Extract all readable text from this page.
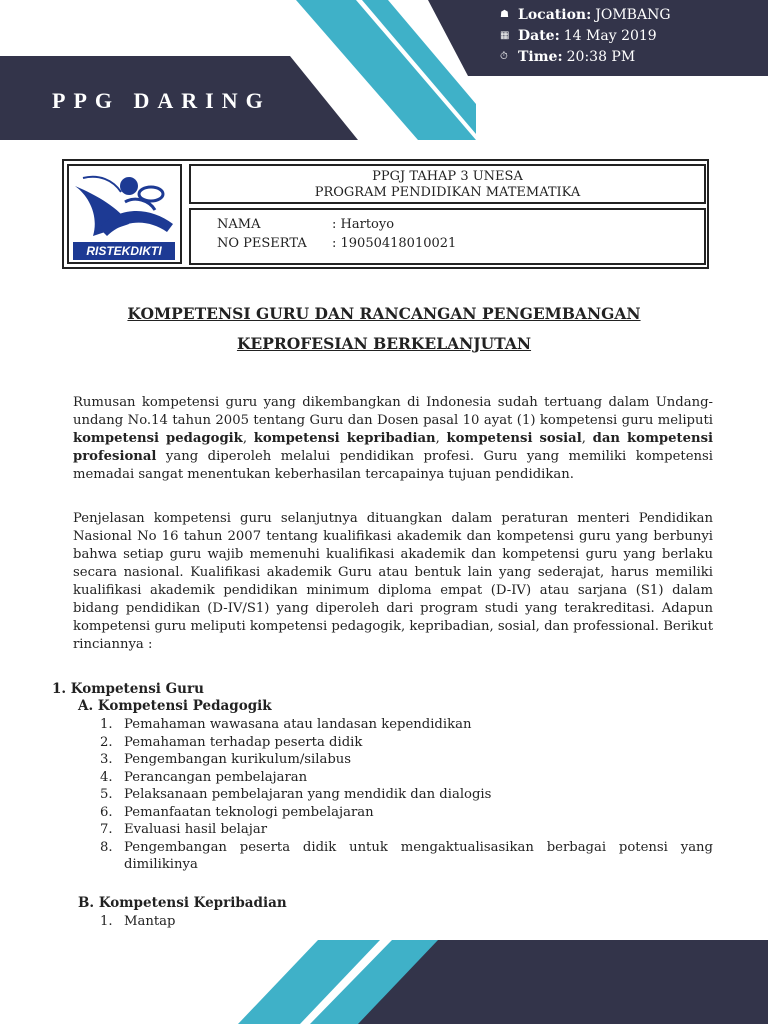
PPG DARING
☗ Location: JOMBANG
▦ Date: 14 May 2019
⏱ Time: 20:38 PM
RISTEKDIKTI
PPGJ TAHAP 3 UNESA
PROGRAM PENDIDIKAN MATEMATIKA
NAMA	: Hartoyo
NO PESERTA : 19050418010021
KOMPETENSI GURU DAN RANCANGAN PENGEMBANGAN
KEPROFESIAN BERKELANJUTAN

Rumusan kompetensi guru yang dikembangkan di Indonesia sudah tertuang dalam Undang-undang No.14 tahun 2005 tentang Guru dan Dosen pasal 10 ayat (1) kompetensi guru meliputi kompetensi pedagogik, kompetensi kepribadian, kompetensi sosial, dan kompetensi profesional yang diperoleh melalui pendidikan profesi. Guru yang memiliki kompetensi memadai sangat menentukan keberhasilan tercapainya tujuan pendidikan.

Penjelasan kompetensi guru selanjutnya dituangkan dalam peraturan menteri Pendidikan Nasional No 16 tahun 2007 tentang kualifikasi akademik dan kompetensi guru yang berbunyi bahwa setiap guru wajib memenuhi kualifikasi akademik dan kompetensi guru yang berlaku secara nasional. Kualifikasi akademik Guru atau bentuk lain yang sederajat, harus memiliki kualifikasi akademik pendidikan minimum diploma empat (D-IV) atau sarjana (S1) dalam bidang pendidikan (D-IV/S1) yang diperoleh dari program studi yang terakreditasi. Adapun kompetensi guru meliputi kompetensi pedagogik, kepribadian, sosial, dan professional. Berikut rinciannya :

1. Kompetensi Guru
A. Kompetensi Pedagogik
1. Pemahaman wawasana atau landasan kependidikan
2. Pemahaman terhadap peserta didik
3. Pengembangan kurikulum/silabus
4. Perancangan pembelajaran
5. Pelaksanaan pembelajaran yang mendidik dan dialogis
6. Pemanfaatan teknologi pembelajaran
7. Evaluasi hasil belajar
8. Pengembangan peserta didik untuk mengaktualisasikan berbagai potensi yang dimilikinya
B. Kompetensi Kepribadian
1. Mantap
